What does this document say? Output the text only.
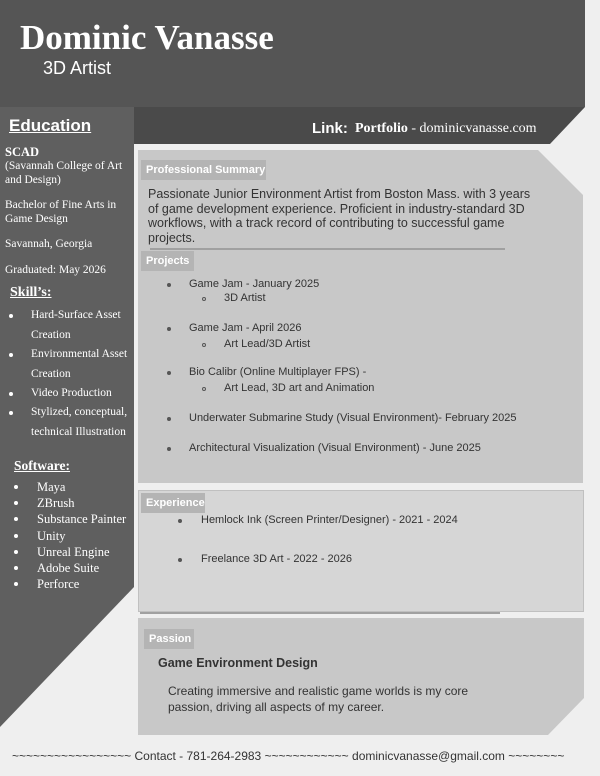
Dominic Vanasse
3D Artist
Link: Portfolio - dominicvanasse.com
Education
SCAD
(Savannah College of Art and Design)
Bachelor of Fine Arts in Game Design
Savannah, Georgia
Graduated: May 2026
Skill’s:
Hard-Surface Asset Creation
Environmental Asset Creation
Video Production
Stylized, conceptual, technical Illustration
Software:
Maya
ZBrush
Substance Painter
Unity
Unreal Engine
Adobe Suite
Perforce
Professional Summary
Passionate Junior Environment Artist from Boston Mass. with 3 years of game development experience. Proficient in industry-standard 3D workflows, with a track record of contributing to successful game projects.
Projects
Game Jam - January 2025
3D Artist
Game Jam - April 2026
Art Lead/3D Artist
Bio Calibr (Online Multiplayer FPS) -
Art Lead, 3D art and Animation
Underwater Submarine Study (Visual Environment)- February 2025
Architectural Visualization (Visual Environment) - June 2025
Experience
Hemlock Ink (Screen Printer/Designer) - 2021 - 2024
Freelance 3D Art - 2022 - 2026
Passion
Game Environment Design
Creating immersive and realistic game worlds is my core passion, driving all aspects of my career.
~~~~~~~~~~~~~~~~~ Contact - 781-264-2983 ~~~~~~~~~~~~ dominicvanasse@gmail.com ~~~~~~~~
